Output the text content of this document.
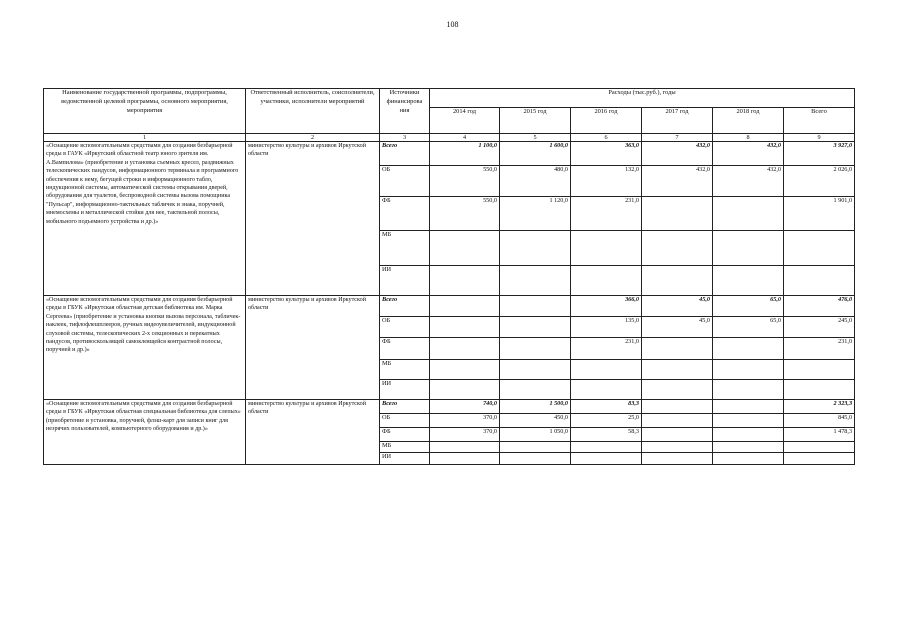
108
Наименование государственной программы, подпрограммы, ведомственной целевой программы, основного мероприятия, мероприятия	Ответственный исполнитель, соисполнители, участники, исполнители мероприятий	Источники финансирова ния	Расходы (тыс.руб.), годы					
			2014 год	2015 год	2016 год	2017 год	2018 год	Всего
1	2	3	4	5	6	7	8	9
«Оснащение вспомогательными средствами для создания безбарьерной среды в ГАУК «Иркутский областной театр юного зрителя им. А.Вампилова» (приобретение и установка съемных кресел, раздвижных телескопических пандусов, информационного терминала и программного обеспечения к нему, бегущей строки и информационного табло, индукционной системы, автоматической системы открывания дверей, оборудования для туалетов, беспроводной системы вызова помощника "Пульсар", информационно-тактильных табличек и знака, поручней, мнемосхемы и металлической стойки для нее, тактильной полосы, мобильного подъемного устройства и др.)»	министерство культуры и архивов Иркутской области	Всего	1 100,0	1 600,0	363,0	432,0	432,0	3 927,0
		ОБ	550,0	480,0	132,0	432,0	432,0	2 026,0
		ФБ	550,0	1 120,0	231,0			1 901,0
		МБ						
		ИИ						
«Оснащение вспомогательными средствами для создания безбарьерной среды в ГБУК «Иркутская областная детская библиотека им. Марка Сергеева» (приобретение и установка кнопки вызова персонала, табличек-наклеек, тифлофлешплееров, ручных видеоувеличителей, индукционной слуховой системы, телескопических 2-х секционных и перекатных пандусов, противоскользящей самоклеящейся контрастной полосы, поручней и др.)»	министерство культуры и архивов Иркутской области	Всего			366,0	45,0	65,0	476,0
		ОБ			135,0	45,0	65,0	245,0
		ФБ			231,0			231,0
		МБ						
		ИИ						
«Оснащение вспомогательными средствами для создания безбарьерной среды в ГБУК «Иркутская областная специальная библиотека для слепых» (приобретение и установка, поручней, флэш-карт для записи книг для незрячих пользователей, компьютерного оборудования и др.)»	министерство культуры и архивов Иркутской области	Всего	740,0	1 500,0	83,3			2 323,3
		ОБ	370,0	450,0	25,0			845,0
		ФБ	370,0	1 050,0	58,3			1 478,3
		МБ						
		ИИ						
